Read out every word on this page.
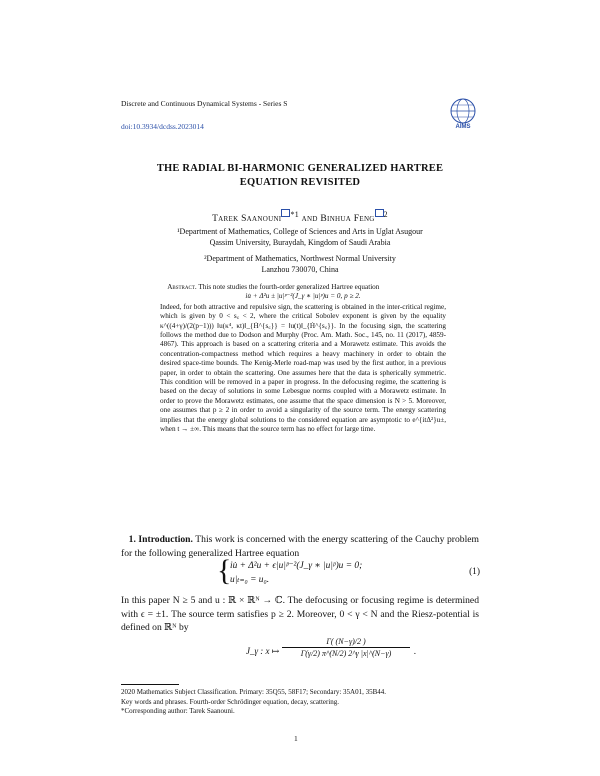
Discrete and Continuous Dynamical Systems - Series S
doi:10.3934/dcdss.2023014	AIMS
THE RADIAL BI-HARMONIC GENERALIZED HARTREE
EQUATION REVISITED
Tarek Saanouni $^{*1}$ and Binhua Feng $^2$
¹Department of Mathematics, College of Sciences and Arts in Uglat Asugour
Qassim University, Buraydah, Kingdom of Saudi Arabia
²Department of Mathematics, Northwest Normal University
Lanzhou 730070, China
Abstract. This note studies the fourth-order generalized Hartree equation
iu̇ + Δ²u ± |u|ᵖ⁻²(J_γ ∗ |u|ᵖ)u = 0, p ≥ 2.
Indeed, for both attractive and repulsive sign, the scattering is obtained in the inter-critical regime, which is given by 0 < s꜀ < 2, where the critical Sobolev exponent is given by the equality κ^((4+γ)/(2(p−1))) ‖u(κ⁴, κt)‖_{Ḣ^{s꜀}} = ‖u(t)‖_{Ḣ^{s꜀}}. In the focusing sign, the scattering follows the method due to Dodson and Murphy (Proc. Am. Math. Soc., 145, no. 11 (2017), 4859-4867). This approach is based on a scattering criteria and a Morawetz estimate. This avoids the concentration-compactness method which requires a heavy machinery in order to obtain the desired space-time bounds. The Kenig-Merle road-map was used by the first author, in a previous paper, in order to obtain the scattering. One assumes here that the data is spherically symmetric. This condition will be removed in a paper in progress. In the defocusing regime, the scattering is based on the decay of solutions in some Lebesgue norms coupled with a Morawetz estimate. In order to prove the Morawetz estimates, one assume that the space dimension is N > 5. Moreover, one assumes that p ≥ 2 in order to avoid a singularity of the source term. The energy scattering implies that the energy global solutions to the considered equation are asymptotic to e^{itΔ²}u±, when t → ±∞. This means that the source term has no effect for large time.
1. Introduction. This work is concerned with the energy scattering of the Cauchy problem for the following generalized Hartree equation
{
iu̇ + Δ²u + ϵ|u|ᵖ⁻²(J_γ ∗ |u|ᵖ)u = 0;
u|ₜ₌₀ = u₀.
(1)
In this paper N ≥ 5 and u : ℝ × ℝᴺ → ℂ. The defocusing or focusing regime is determined with ϵ = ±1. The source term satisfies p ≥ 2. Moreover, 0 < γ < N and the Riesz-potential is defined on ℝᴺ by
J_γ : x ↦ $\frac{\Gamma( (N-\gamma)/2 )}{\Gamma(\gamma/2) \pi\^{}(N/2) 2\^{}\gamma |x|\^{}(N-\gamma)}$ .
2020 Mathematics Subject Classification. Primary: 35Q55, 58F17; Secondary: 35A01, 35B44.
Key words and phrases. Fourth-order Schrödinger equation, decay, scattering.
*Corresponding author: Tarek Saanouni.
1
